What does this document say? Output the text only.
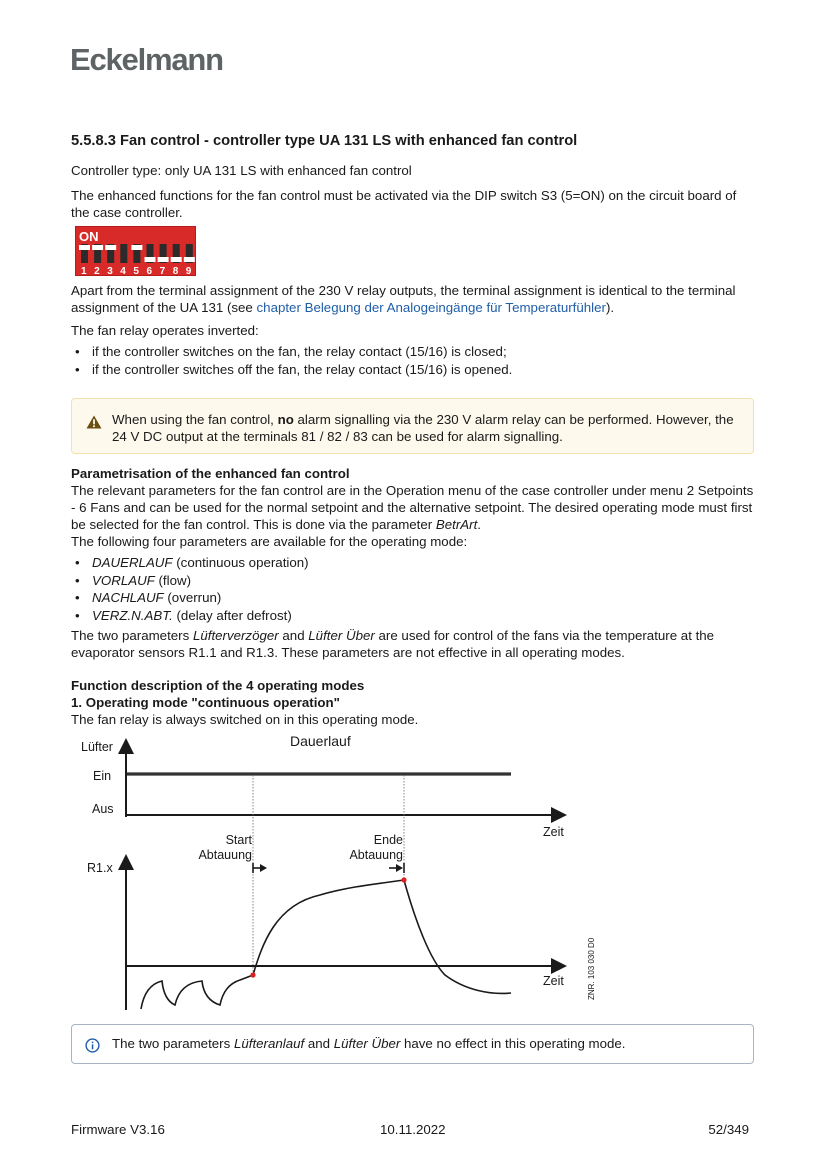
Eckelmann
5.5.8.3 Fan control - controller type UA 131 LS with enhanced fan control

Controller type: only UA 131 LS with enhanced fan control

The enhanced functions for the fan control must be activated via the DIP switch S3 (5=ON) on the circuit board of the case controller.

ON
1 2 3 4 5 6 7 8 9

Apart from the terminal assignment of the 230 V relay outputs, the terminal assignment is identical to the terminal assignment of the UA 131 (see chapter Belegung der Analogeingänge für Temperaturfühler).

The fan relay operates inverted:

• if the controller switches on the fan, the relay contact (15/16) is closed;
• if the controller switches off the fan, the relay contact (15/16) is opened.
When using the fan control, no alarm signalling via the 230 V alarm relay can be performed. However, the 24 V DC output at the terminals 81 / 82 / 83 can be used for alarm signalling.

Parametrisation of the enhanced fan control

The relevant parameters for the fan control are in the Operation menu of the case controller under menu 2 Setpoints - 6 Fans and can be used for the normal setpoint and the alternative setpoint. The desired operating mode must first be selected for the fan control. This is done via the parameter BetrArt.

The following four parameters are available for the operating mode:

• DAUERLAUF (continuous operation)
• VORLAUF (flow)
• NACHLAUF (overrun)
• VERZ.N.ABT. (delay after defrost)

The two parameters Lüfterverzöger and Lüfter Über are used for control of the fans via the temperature at the evaporator sensors R1.1 and R1.3. These parameters are not effective in all operating modes.

Function description of the 4 operating modes

1. Operating mode "continuous operation"

The fan relay is always switched on in this operating mode.

Dauerlauf
Lüfter
Ein
Aus
Zeit
Start
Abtauung
Ende
Abtauung
R1.x
Zeit	ZNR. 103 030 D0
The two parameters Lüfteranlauf and Lüfter Über have no effect in this operating mode.
Firmware V3.16	10.11.2022	52/349
